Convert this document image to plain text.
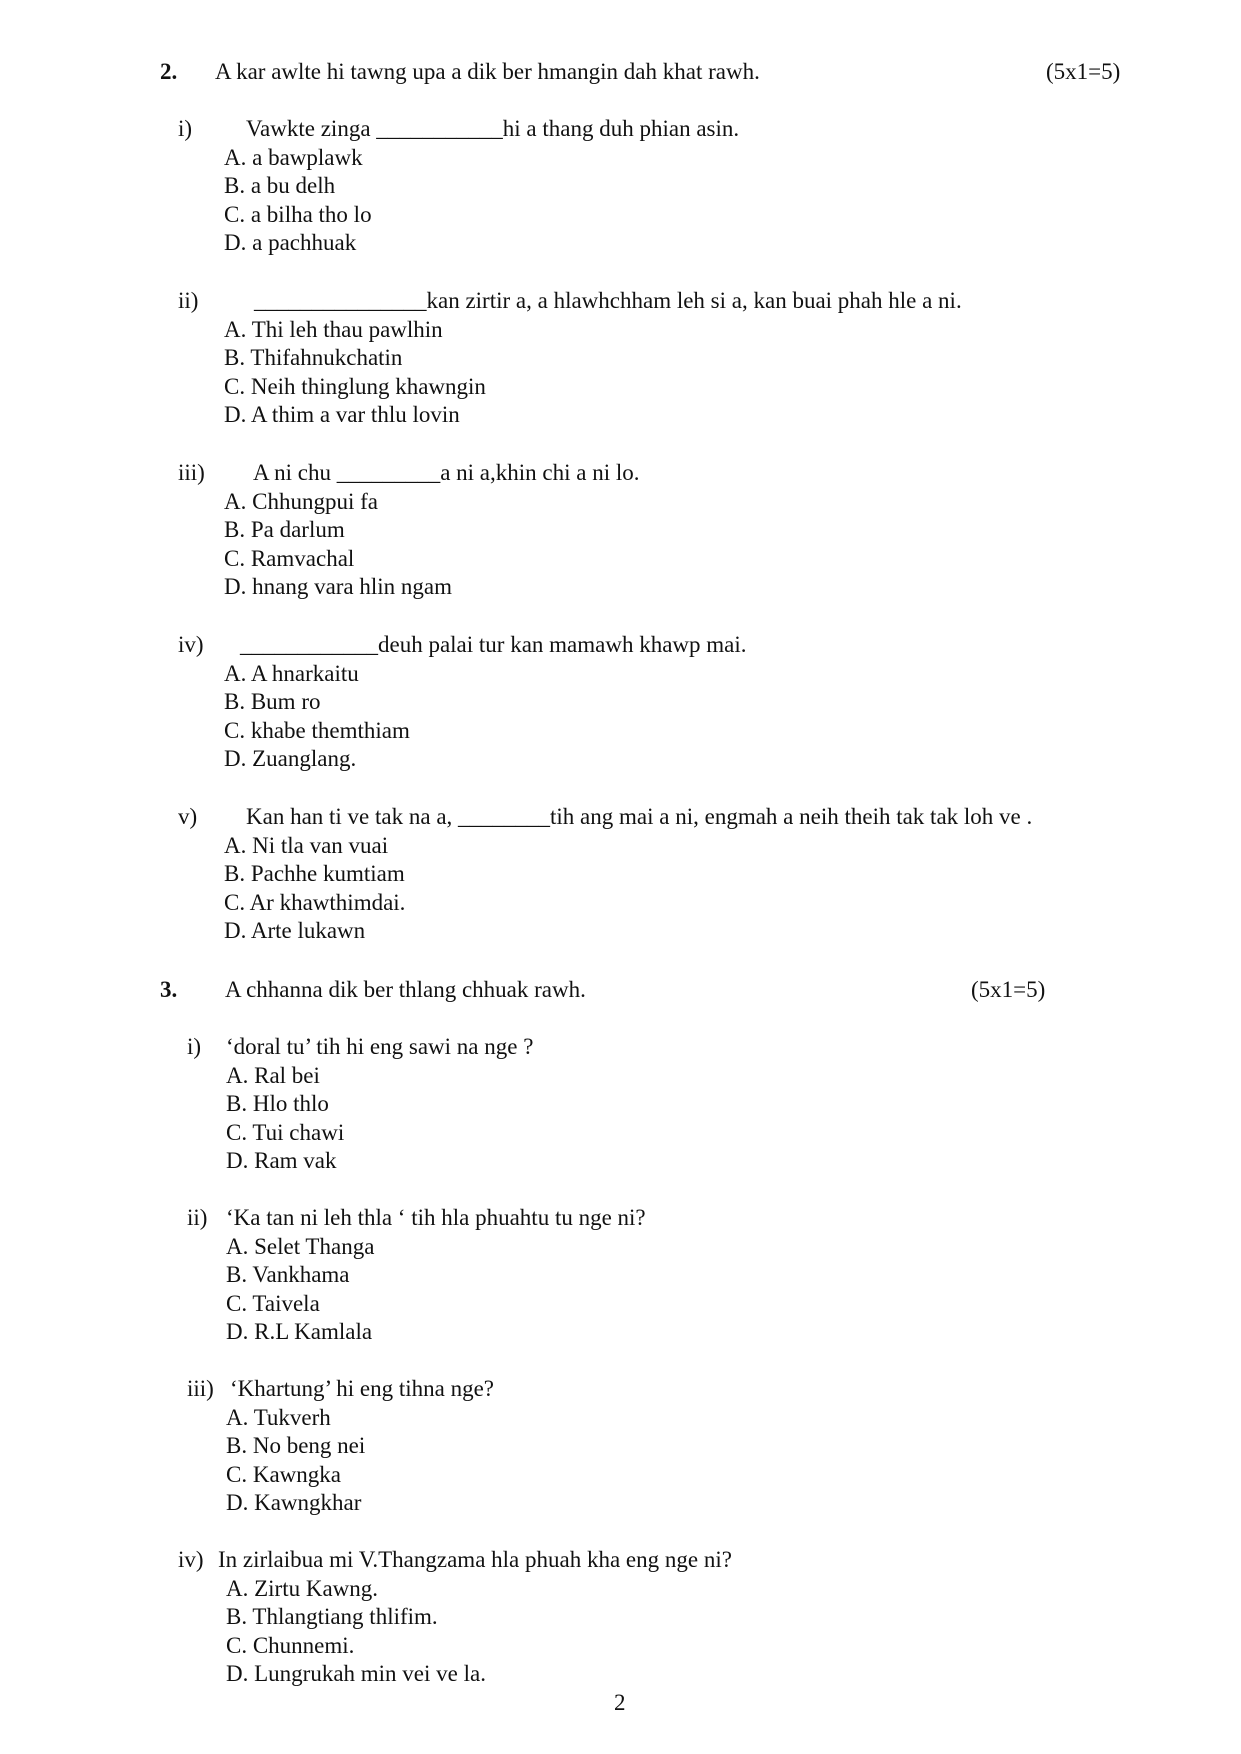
2. A kar awlte hi tawng upa a dik ber hmangin dah khat rawh.	(5x1=5)
i) Vawkte zinga ___________hi a thang duh phian asin.
A. a bawplawk
B. a bu delh
C. a bilha tho lo
D. a pachhuak
ii) _______________kan zirtir a, a hlawhchham leh si a, kan buai phah hle a ni.
A. Thi leh thau pawlhin
B. Thifahnukchatin
C. Neih thinglung khawngin
D. A thim a var thlu lovin
iii) A ni chu _________a ni a,khin chi a ni lo.
A. Chhungpui fa
B. Pa darlum
C. Ramvachal
D. hnang vara hlin ngam
iv) ____________deuh palai tur kan mamawh khawp mai.
A. A hnarkaitu
B. Bum ro
C. khabe themthiam
D. Zuanglang.
v) Kan han ti ve tak na a, ________tih ang mai a ni, engmah a neih theih tak tak loh ve .
A. Ni tla van vuai
B. Pachhe kumtiam
C. Ar khawthimdai.
D. Arte lukawn
3. A chhanna dik ber thlang chhuak rawh.	(5x1=5)
i) ‘doral tu’ tih hi eng sawi na nge ?
A. Ral bei
B. Hlo thlo
C. Tui chawi
D. Ram vak
ii) ‘Ka tan ni leh thla ‘ tih hla phuahtu tu nge ni?
A. Selet Thanga
B. Vankhama
C. Taivela
D. R.L Kamlala
iii) ‘Khartung’ hi eng tihna nge?
A. Tukverh
B. No beng nei
C. Kawngka
D. Kawngkhar
iv) In zirlaibua mi V.Thangzama hla phuah kha eng nge ni?
A. Zirtu Kawng.
B. Thlangtiang thlifim.
C. Chunnemi.
D. Lungrukah min vei ve la.
2
